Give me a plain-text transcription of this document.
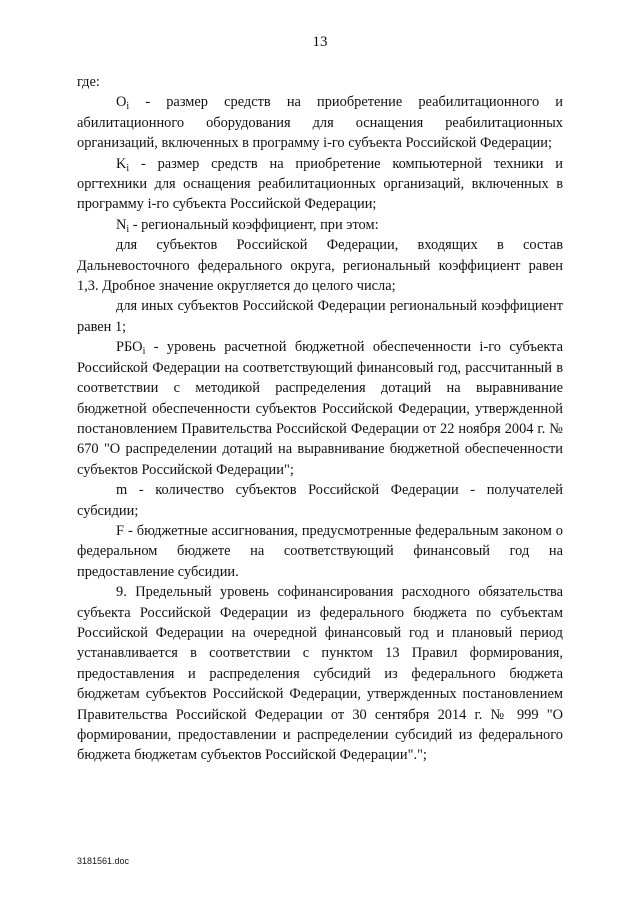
13

где:

$O_i$ - размер средств на приобретение реабилитационного и абилитационного оборудования для оснащения реабилитационных организаций, включенных в программу i-го субъекта Российской Федерации;

$K_i$ - размер средств на приобретение компьютерной техники и оргтехники для оснащения реабилитационных организаций, включенных в программу i-го субъекта Российской Федерации;

$N_i$ - региональный коэффициент, при этом:

для субъектов Российской Федерации, входящих в состав Дальневосточного федерального округа, региональный коэффициент равен 1,3. Дробное значение округляется до целого числа;

для иных субъектов Российской Федерации региональный коэффициент равен 1;

$РБО_i$ - уровень расчетной бюджетной обеспеченности i-го субъекта Российской Федерации на соответствующий финансовый год, рассчитанный в соответствии с методикой распределения дотаций на выравнивание бюджетной обеспеченности субъектов Российской Федерации, утвержденной постановлением Правительства Российской Федерации от 22 ноября 2004 г. № 670 "О распределении дотаций на выравнивание бюджетной обеспеченности субъектов Российской Федерации";

m - количество субъектов Российской Федерации - получателей субсидии;

F - бюджетные ассигнования, предусмотренные федеральным законом о федеральном бюджете на соответствующий финансовый год на предоставление субсидии.

9. Предельный уровень софинансирования расходного обязательства субъекта Российской Федерации из федерального бюджета по субъектам Российской Федерации на очередной финансовый год и плановый период устанавливается в соответствии с пунктом 13 Правил формирования, предоставления и распределения субсидий из федерального бюджета бюджетам субъектов Российской Федерации, утвержденных постановлением Правительства Российской Федерации от 30 сентября 2014 г. № 999 "О формировании, предоставлении и распределении субсидий из федерального бюджета бюджетам субъектов Российской Федерации".";

3181561.doc
